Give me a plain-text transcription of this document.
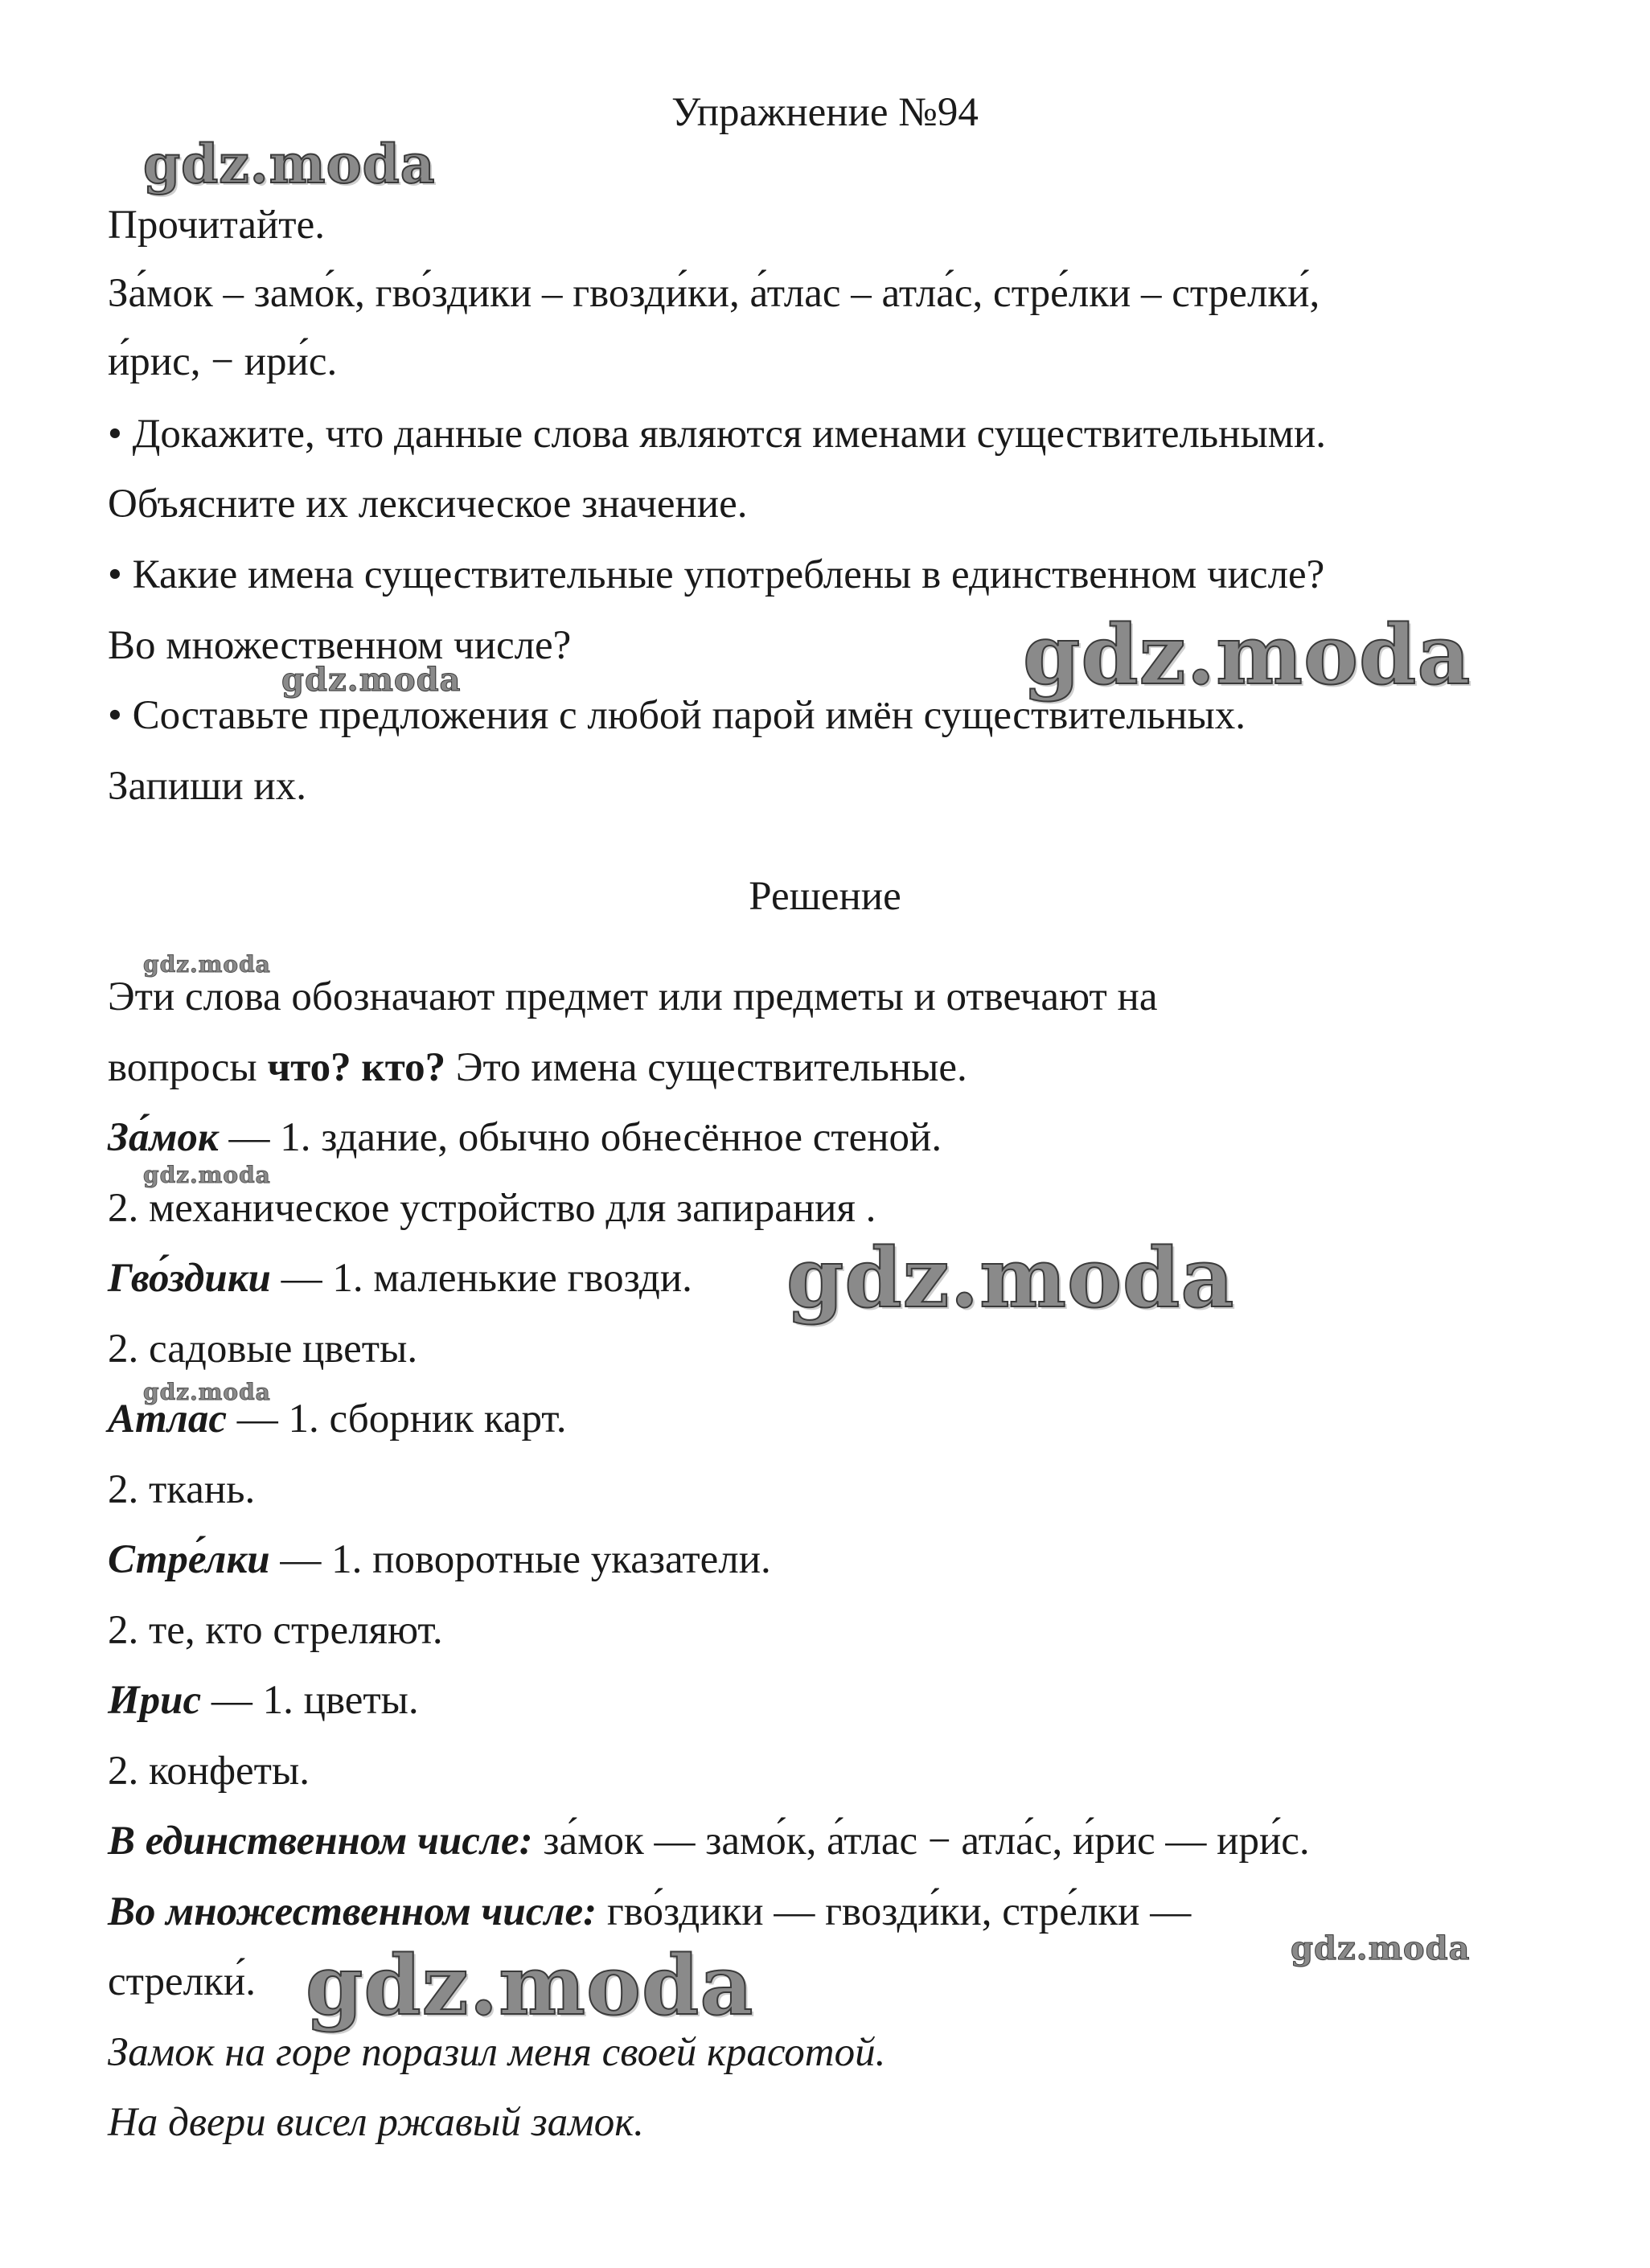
Упражнение №94

Прочитайте.

За́мок – замо́к, гво́здики – гвозди́ки, а́тлас – атла́с, стре́лки – стрелки́,

и́рис, − ири́с.

• Докажите, что данные слова являются именами существительными.

Объясните их лексическое значение.

• Какие имена существительные употреблены в единственном числе?

Во множественном числе?

• Составьте предложения с любой парой имён существительных.

Запиши их.

Решение

Эти слова обозначают предмет или предметы и отвечают на

вопросы что? кто? Это имена существительные.

За́мок — 1. здание, обычно обнесённое стеной.

2. механическое устройство для запирания .

Гво́здики — 1. маленькие гвозди.

2. садовые цветы.

Атлас — 1. сборник карт.

2. ткань.

Стре́лки — 1. поворотные указатели.

2. те, кто стреляют.

Ирис — 1. цветы.

2. конфеты.

В единственном числе: за́мок — замо́к, а́тлас − атла́с, и́рис — ири́с.

Во множественном числе: гво́здики — гвозди́ки, стре́лки —

стрелки́.

Замок на горе поразил меня своей красотой.

На двери висел ржавый замок.

gdz.moda
gdz.moda
gdz.moda
gdz.moda
gdz.moda
gdz.moda
gdz.moda
gdz.moda
gdz.moda
